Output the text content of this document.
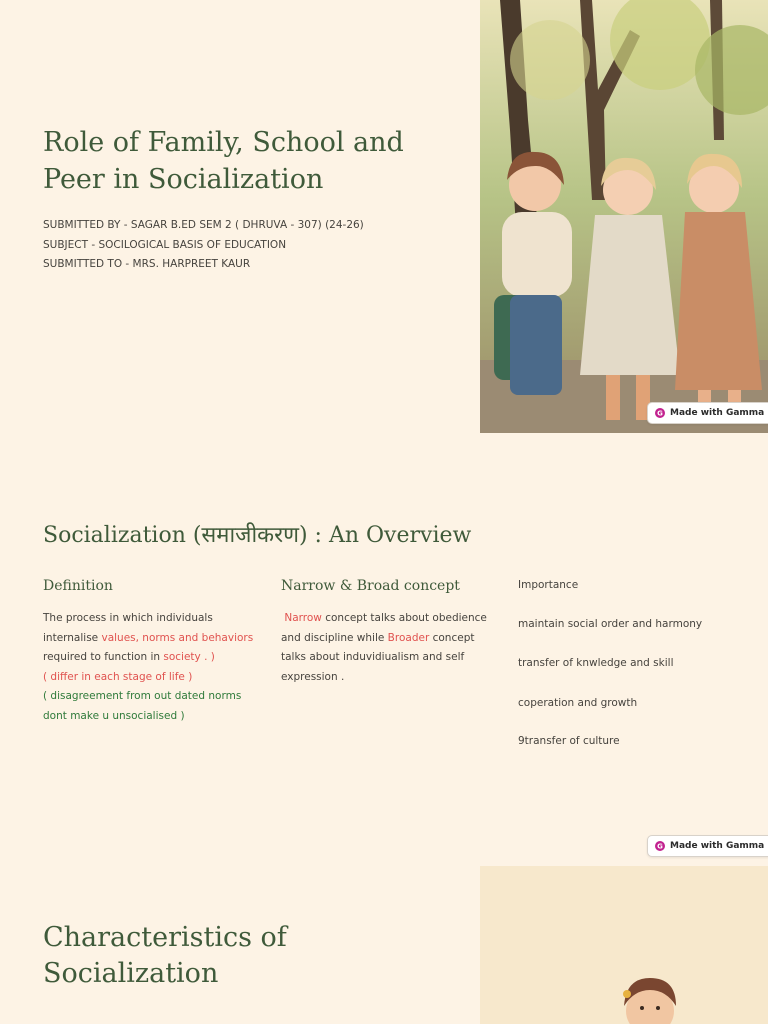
Role of Family, School and Peer in Socialization
SUBMITTED BY - SAGAR B.ED SEM 2 ( DHRUVA - 307) (24-26)
SUBJECT - SOCILOGICAL BASIS OF EDUCATION
SUBMITTED TO - MRS. HARPREET KAUR
G Made with Gamma
Socialization (समाजीकरण) : An Overview
Definition
The process in which individuals internalise values, norms and behaviors required to function in society . )
( differ in each stage of life )
( disagreement from out dated norms dont make u unsocialised )
Narrow & Broad concept
Narrow concept talks about obedience and discipline while Broader concept talks about induvidiualism and self expression .
Importance
maintain social order and harmony
transfer of knwledge and skill
coperation and growth
9transfer of culture
G Made with Gamma
Characteristics of Socialization
